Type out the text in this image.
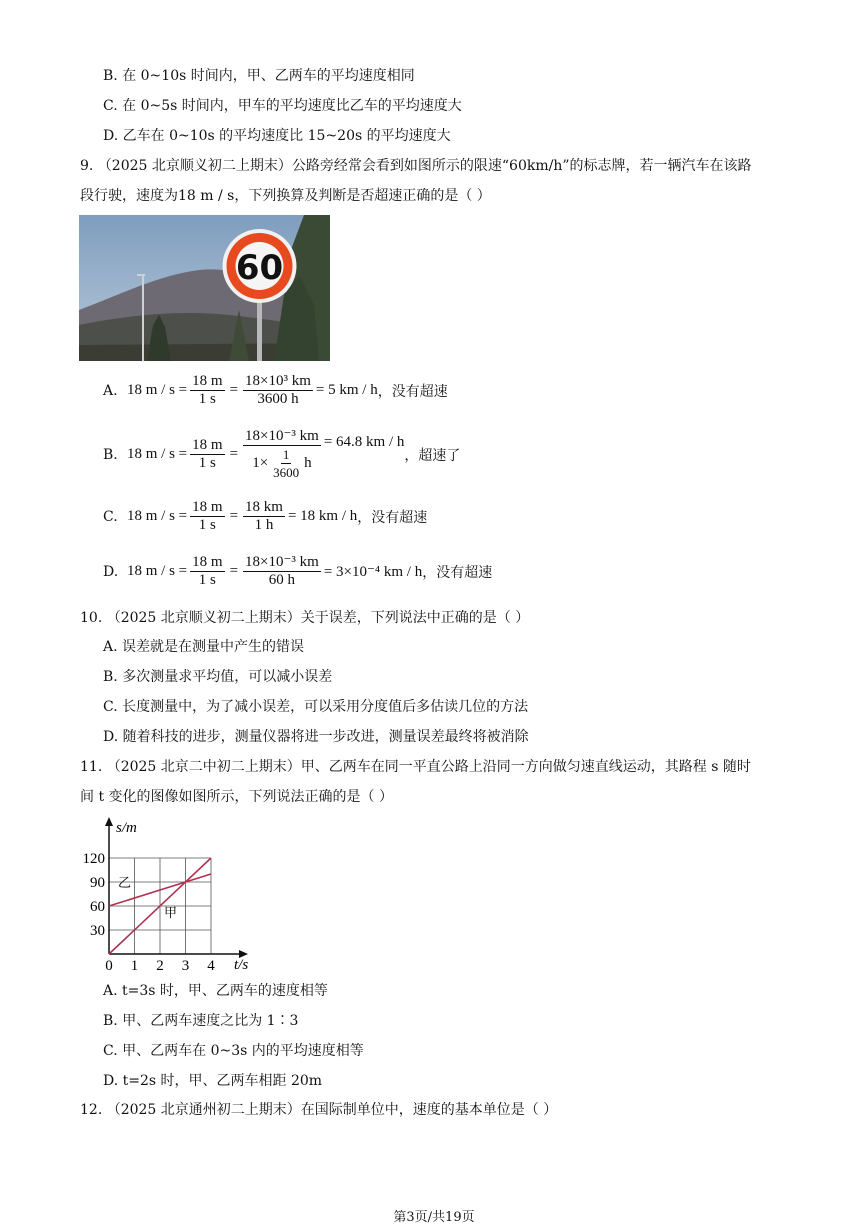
B. 在 0~10s 时间内，甲、乙两车的平均速度相同
C. 在 0~5s 时间内，甲车的平均速度比乙车的平均速度大
D. 乙车在 0~10s 的平均速度比 15~20s 的平均速度大
9. （2025 北京顺义初二上期末）公路旁经常会看到如图所示的限速“60km/h”的标志牌，若一辆汽车在该路
段行驶，速度为18 m / s，下列换算及判断是否超速正确的是（ ）
60
A. 18 $m / s = \frac{18 m}{1 s} = \frac{\text{18×10³ km}}{3600 h} = 5$ km / h ，没有超速
B. 18 $m / s = \frac{18 m}{1 s} = \frac{\text{18×10⁻³ km}}{1\times \frac{1}{3600} h} = 64.8$ km / h
，超速了
C. 18 $m / s = \frac{18 m}{1 s} = \frac{18 km}{1 h} = 18$ km / h ，没有超速
D. 18 $m / s = \frac{18 m}{1 s} = \frac{\text{18×10⁻³ km}}{60 h} = 3\times 10^{-4}$ km / h ，没有超速
10. （2025 北京顺义初二上期末）关于误差，下列说法中正确的是（ ）
A. 误差就是在测量中产生的错误
B. 多次测量求平均值，可以减小误差
C. 长度测量中，为了减小误差，可以采用分度值后多估读几位的方法
D. 随着科技的进步，测量仪器将进一步改进，测量误差最终将被消除
11. （2025 北京二中初二上期末）甲、乙两车在同一平直公路上沿同一方向做匀速直线运动，其路程 s 随时
间 t 变化的图像如图所示，下列说法正确的是（ ）
s/m
t/s
0 1 2 3 4
30
60
90
120
乙
甲
A. t=3s 时，甲、乙两车的速度相等
B. 甲、乙两车速度之比为 1∶3
C. 甲、乙两车在 0~3s 内的平均速度相等
D. t=2s 时，甲、乙两车相距 20m
12. （2025 北京通州初二上期末）在国际制单位中，速度的基本单位是（ ）
第3页/共19页
